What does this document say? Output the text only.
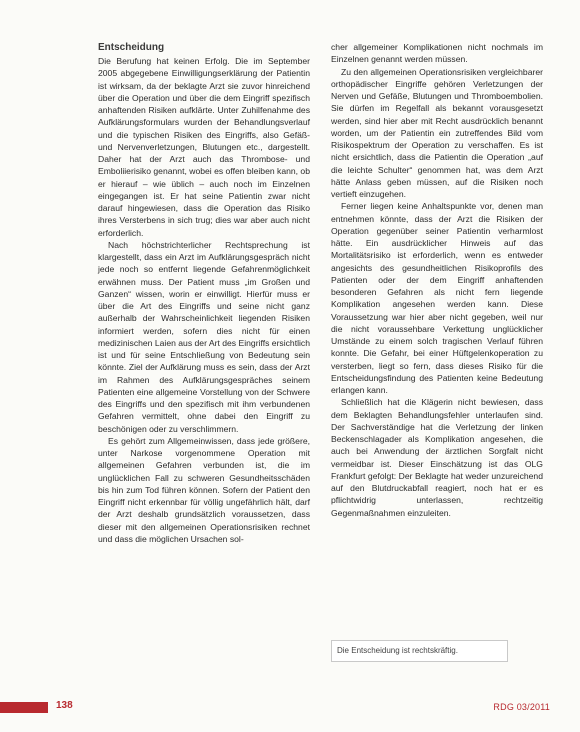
Entscheidung

Die Berufung hat keinen Erfolg. Die im September 2005 abgegebene Einwilligungserklärung der Patientin ist wirksam, da der beklagte Arzt sie zuvor hinreichend über die Operation und über die dem Eingriff spezifisch anhaftenden Risiken aufklärte. Unter Zuhilfenahme des Aufklärungsformulars wurden der Behandlungsverlauf und die typischen Risiken des Eingriffs, also Gefäß- und Nervenverletzungen, Blutungen etc., dargestellt. Daher hat der Arzt auch das Thrombose- und Emboliierisiko genannt, wobei es offen bleiben kann, ob er hierauf – wie üblich – auch noch im Einzelnen eingegangen ist. Er hat seine Patientin zwar nicht darauf hingewiesen, dass die Operation das Risiko ihres Versterbens in sich trug; dies war aber auch nicht erforderlich.

Nach höchstrichterlicher Rechtsprechung ist klargestellt, dass ein Arzt im Aufklärungsgespräch nicht jede noch so entfernt liegende Gefahrenmöglichkeit erwähnen muss. Der Patient muss „im Großen und Ganzen“ wissen, worin er einwilligt. Hierfür muss er über die Art des Eingriffs und seine nicht ganz außerhalb der Wahrscheinlichkeit liegenden Risiken informiert werden, sofern dies nicht für einen medizinischen Laien aus der Art des Eingriffs ersichtlich ist und für seine Entschließung von Bedeutung sein könnte. Ziel der Aufklärung muss es sein, dass der Arzt im Rahmen des Aufklärungsgespräches seinem Patienten eine allgemeine Vorstellung von der Schwere des Eingriffs und den spezifisch mit ihm verbundenen Gefahren vermittelt, ohne dabei den Eingriff zu beschönigen oder zu verschlimmern.

Es gehört zum Allgemeinwissen, dass jede größere, unter Narkose vorgenommene Operation mit allgemeinen Gefahren verbunden ist, die im unglücklichen Fall zu schweren Gesundheitsschäden bis hin zum Tod führen können. Sofern der Patient den Eingriff nicht erkennbar für völlig ungefährlich hält, darf der Arzt deshalb grundsätzlich voraussetzen, dass dieser mit den allgemeinen Operationsrisiken rechnet und dass die möglichen Ursachen sol-

cher allgemeiner Komplikationen nicht nochmals im Einzelnen genannt werden müssen.

Zu den allgemeinen Operationsrisiken vergleichbarer orthopädischer Eingriffe gehören Verletzungen der Nerven und Gefäße, Blutungen und Thromboembolien. Sie dürfen im Regelfall als bekannt vorausgesetzt werden, sind hier aber mit Recht ausdrücklich benannt worden, um der Patientin ein zutreffendes Bild vom Risikospektrum der Operation zu verschaffen. Es ist nicht ersichtlich, dass die Patientin die Operation „auf die leichte Schulter“ genommen hat, was dem Arzt hätte Anlass geben müssen, auf die Risiken noch vertieft einzugehen.

Ferner liegen keine Anhaltspunkte vor, denen man entnehmen könnte, dass der Arzt die Risiken der Operation gegenüber seiner Patientin verharmlost hätte. Ein ausdrücklicher Hinweis auf das Mortalitätsrisiko ist erforderlich, wenn es entweder angesichts des gesundheitlichen Risikoprofils des Patienten oder der dem Eingriff anhaftenden besonderen Gefahren als nicht fern liegende Komplikation angesehen werden kann. Diese Voraussetzung war hier aber nicht gegeben, weil nur die nicht voraussehbare Verkettung unglücklicher Umstände zu einem solch tragischen Verlauf führen konnte. Die Gefahr, bei einer Hüftgelenkoperation zu versterben, liegt so fern, dass dieses Risiko für die Entscheidungsfindung des Patienten keine Bedeutung erlangen kann.

Schließlich hat die Klägerin nicht bewiesen, dass dem Beklagten Behandlungsfehler unterlaufen sind. Der Sachverständige hat die Verletzung der linken Beckenschlagader als Komplikation angesehen, die auch bei Anwendung der ärztlichen Sorgfalt nicht vermeidbar ist. Dieser Einschätzung ist das OLG Frankfurt gefolgt: Der Beklagte hat weder unzureichend auf den Blutdruckabfall reagiert, noch hat er es pflichtwidrig unterlassen, rechtzeitig Gegenmaßnahmen einzuleiten.

Die Entscheidung ist rechtskräftig.
138	RDG 03/2011
